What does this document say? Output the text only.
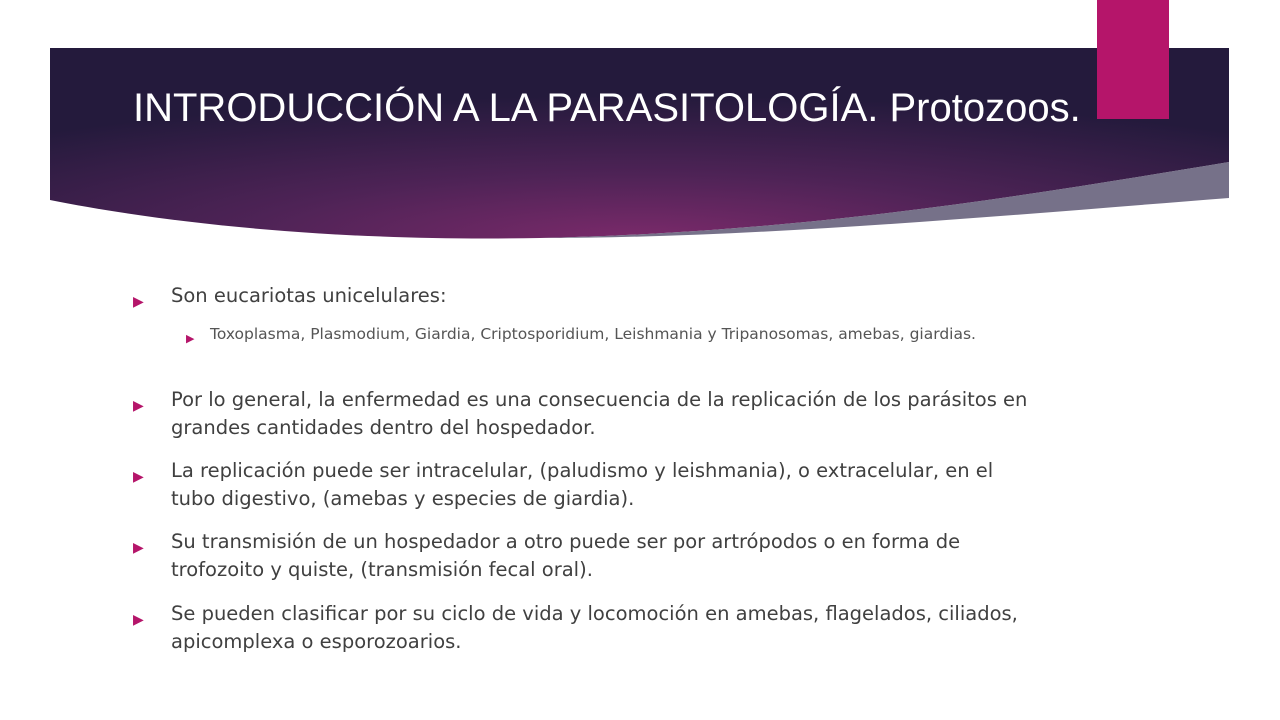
INTRODUCCIÓN A LA PARASITOLOGÍA. Protozoos.
▶	Son eucariotas unicelulares:
▶	Toxoplasma, Plasmodium, Giardia, Criptosporidium, Leishmania y Tripanosomas, amebas, giardias.
▶	Por lo general, la enfermedad es una consecuencia de la replicación de los parásitos en grandes cantidades dentro del hospedador.
▶	La replicación puede ser intracelular, (paludismo y leishmania), o extracelular, en el tubo digestivo, (amebas y especies de giardia).
▶	Su transmisión de un hospedador a otro puede ser por artrópodos o en forma de trofozoito y quiste, (transmisión fecal oral).
▶	Se pueden clasificar por su ciclo de vida y locomoción en amebas, flagelados, ciliados, apicomplexa o esporozoarios.
